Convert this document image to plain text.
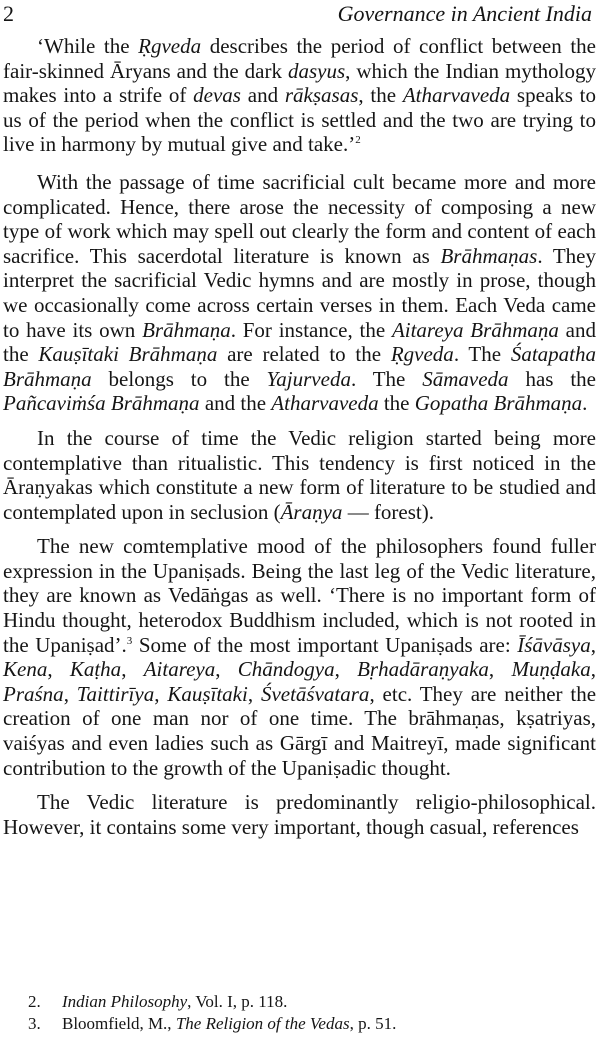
2	Governance in Ancient India

‘While the Ṛgveda describes the period of conflict between the fair-skinned Āryans and the dark dasyus, which the Indian mythology makes into a strife of devas and rākṣasas, the Atharvaveda speaks to us of the period when the conflict is settled and the two are trying to live in harmony by mutual give and take.’$^2$

With the passage of time sacrificial cult became more and more complicated. Hence, there arose the necessity of composing a new type of work which may spell out clearly the form and content of each sacrifice. This sacerdotal literature is known as Brāhmaṇas. They interpret the sacrificial Vedic hymns and are mostly in prose, though we occasionally come across certain verses in them. Each Veda came to have its own Brāhmaṇa. For instance, the Aitareya Brāhmaṇa and the Kauṣītaki Brāhmaṇa are related to the Ṛgveda. The Śatapatha Brāhmaṇa belongs to the Yajurveda. The Sāmaveda has the Pañcaviṁśa Brāhmaṇa and the Atharvaveda the Gopatha Brāhmaṇa.

In the course of time the Vedic religion started being more contemplative than ritualistic. This tendency is first noticed in the Āraṇyakas which constitute a new form of literature to be studied and contemplated upon in seclusion (Āraṇya — forest).

The new comtemplative mood of the philosophers found fuller expression in the Upaniṣads. Being the last leg of the Vedic literature, they are known as Vedāṅgas as well. ‘There is no important form of Hindu thought, heterodox Buddhism included, which is not rooted in the Upaniṣad’.$^3$ Some of the most important Upaniṣads are: Īśāvāsya, Kena, Kaṭha, Aitareya, Chāndogya, Bṛhadāraṇyaka, Muṇḍaka, Praśna, Taittirīya, Kauṣītaki, Śvetāśvatara, etc. They are neither the creation of one man nor of one time. The brāhmaṇas, kṣatriyas, vaiśyas and even ladies such as Gārgī and Maitreyī, made significant contribution to the growth of the Upaniṣadic thought.

The Vedic literature is predominantly religio-philosophical. However, it contains some very important, though casual, references

2. Indian Philosophy, Vol. I, p. 118.
3. Bloomfield, M., The Religion of the Vedas, p. 51.
